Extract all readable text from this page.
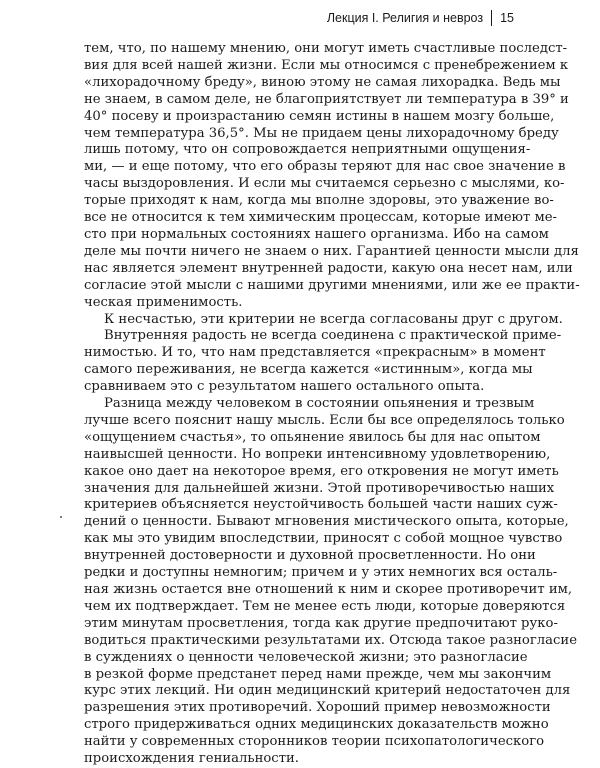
Лекция I. Религия и невроз 15
тем, что, по нашему мнению, они могут иметь счастливые последст-
вия для всей нашей жизни. Если мы относимся с пренебрежением к
«лихорадочному бреду», виною этому не самая лихорадка. Ведь мы
не знаем, в самом деле, не благоприятствует ли температура в 39° и
40° посеву и произрастанию семян истины в нашем мозгу больше,
чем температура 36,5°. Мы не придаем цены лихорадочному бреду
лишь потому, что он сопровождается неприятными ощущения-
ми, — и еще потому, что его образы теряют для нас свое значение в
часы выздоровления. И если мы считаемся серьезно с мыслями, ко-
торые приходят к нам, когда мы вполне здоровы, это уважение во-
все не относится к тем химическим процессам, которые имеют ме-
сто при нормальных состояниях нашего организма. Ибо на самом
деле мы почти ничего не знаем о них. Гарантией ценности мысли для
нас является элемент внутренней радости, какую она несет нам, или
согласие этой мысли с нашими другими мнениями, или же ее практи-
ческая применимость.
К несчастью, эти критерии не всегда согласованы друг с другом.
Внутренняя радость не всегда соединена с практической приме-
нимостью. И то, что нам представляется «прекрасным» в момент
самого переживания, не всегда кажется «истинным», когда мы
сравниваем это с результатом нашего остального опыта.
Разница между человеком в состоянии опьянения и трезвым
лучше всего пояснит нашу мысль. Если бы все определялось только
«ощущением счастья», то опьянение явилось бы для нас опытом
наивысшей ценности. Но вопреки интенсивному удовлетворению,
какое оно дает на некоторое время, его откровения не могут иметь
значения для дальнейшей жизни. Этой противоречивостью наших
критериев объясняется неустойчивость большей части наших суж-
дений о ценности. Бывают мгновения мистического опыта, которые,
как мы это увидим впоследствии, приносят с собой мощное чувство
внутренней достоверности и духовной просветленности. Но они
редки и доступны немногим; причем и у этих немногих вся осталь-
ная жизнь остается вне отношений к ним и скорее противоречит им,
чем их подтверждает. Тем не менее есть люди, которые доверяются
этим минутам просветления, тогда как другие предпочитают руко-
водиться практическими результатами их. Отсюда такое разногласие
в суждениях о ценности человеческой жизни; это разногласие
в резкой форме предстанет перед нами прежде, чем мы закончим
курс этих лекций. Ни один медицинский критерий недостаточен для
разрешения этих противоречий. Хороший пример невозможности
строго придерживаться одних медицинских доказательств можно
найти у современных сторонников теории психопатологического
происхождения гениальности.
